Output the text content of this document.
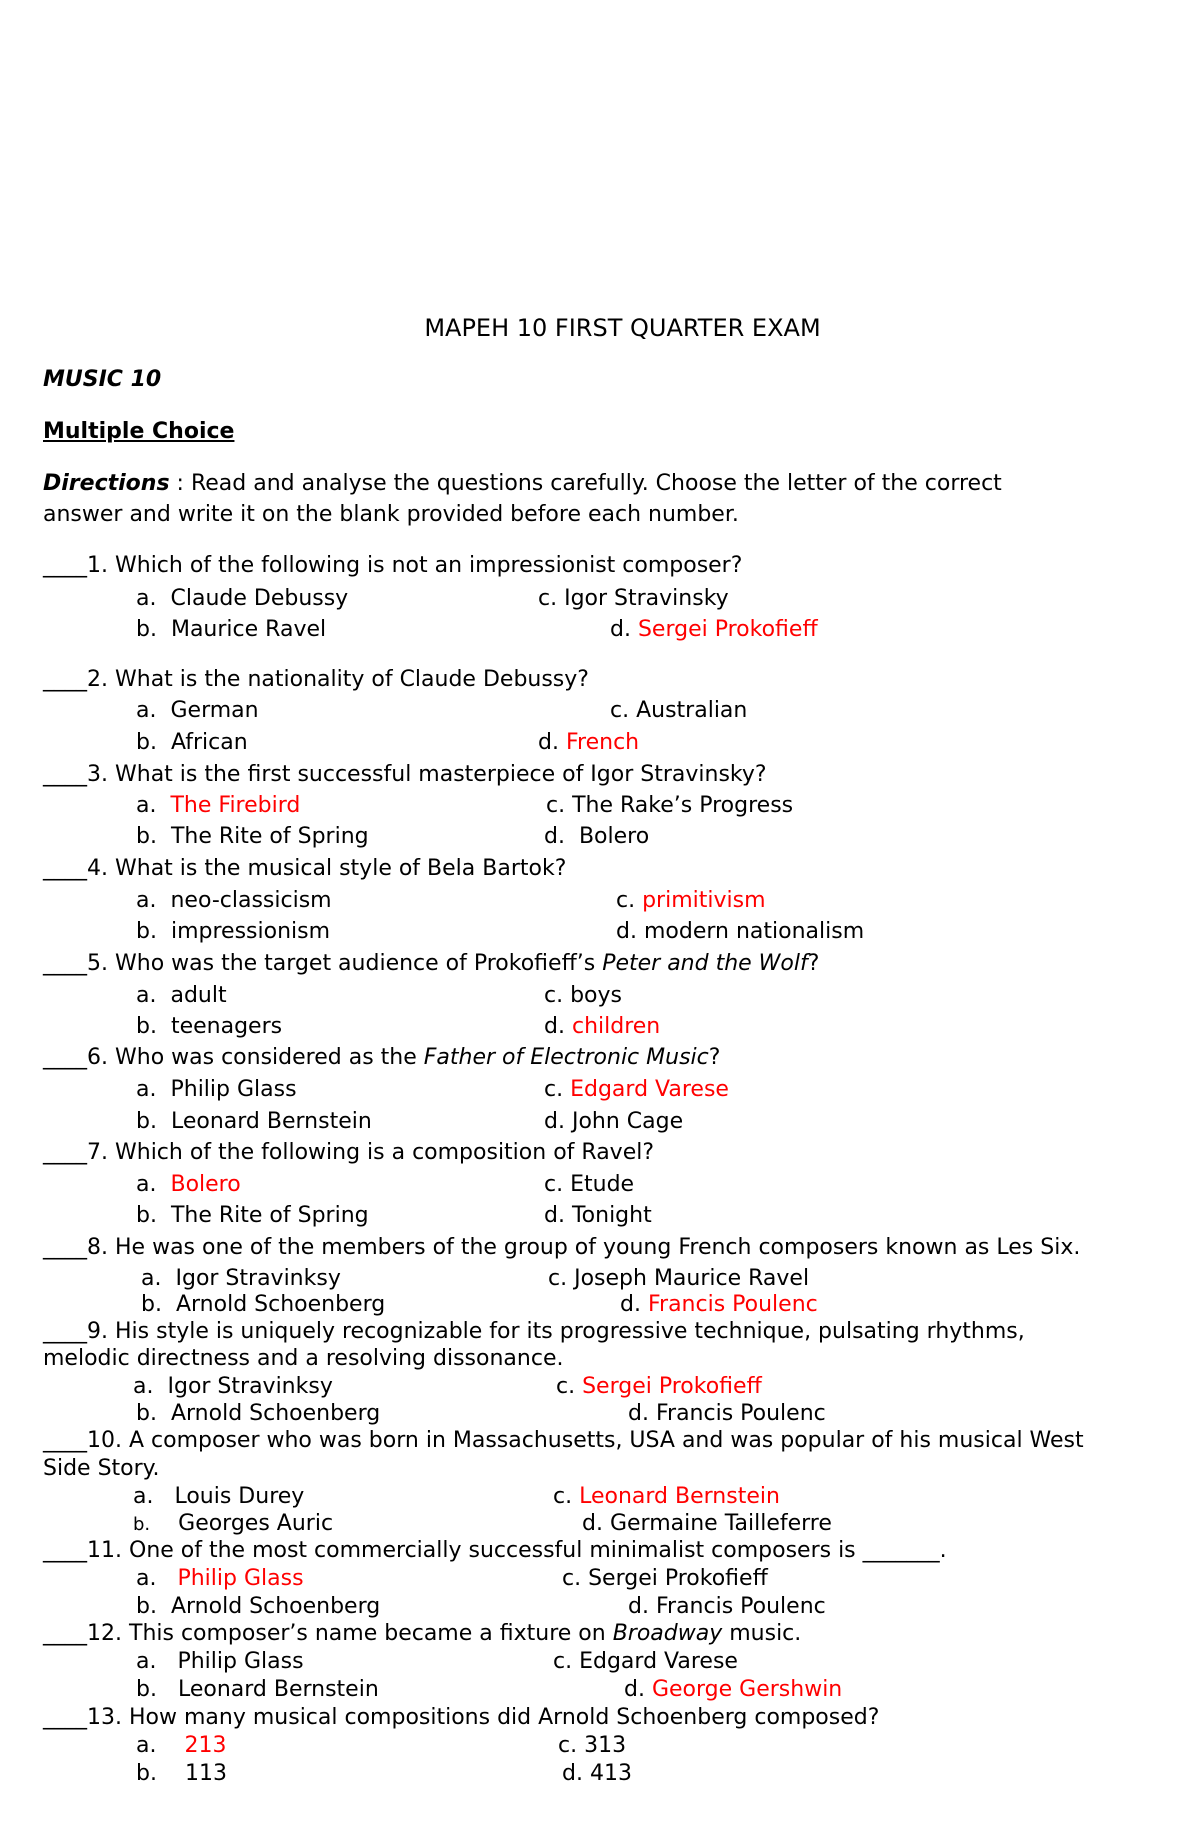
MAPEH 10 FIRST QUARTER EXAM
MUSIC 10
Multiple Choice
Directions : Read and analyse the questions carefully. Choose the letter of the correct
answer and write it on the blank provided before each number.
____1. Which of the following is not an impressionist composer?
a. Claude Debussy	c. Igor Stravinsky
b. Maurice Ravel	d. Sergei Prokofieff
____2. What is the nationality of Claude Debussy?
a. German	c. Australian
b. African	d. French
____3. What is the first successful masterpiece of Igor Stravinsky?
a. The Firebird	c. The Rake’s Progress
b. The Rite of Spring	d. Bolero
____4. What is the musical style of Bela Bartok?
a. neo-classicism	c. primitivism
b. impressionism	d. modern nationalism
____5. Who was the target audience of Prokofieff’s Peter and the Wolf?
a. adult	c. boys
b. teenagers	d. children
____6. Who was considered as the Father of Electronic Music?
a. Philip Glass	c. Edgard Varese
b. Leonard Bernstein	d. John Cage
____7. Which of the following is a composition of Ravel?
a. Bolero	c. Etude
b. The Rite of Spring	d. Tonight
____8. He was one of the members of the group of young French composers known as Les Six.
a. Igor Stravinksy	c. Joseph Maurice Ravel
b. Arnold Schoenberg	d. Francis Poulenc
____9. His style is uniquely recognizable for its progressive technique, pulsating rhythms,
melodic directness and a resolving dissonance.
a. Igor Stravinksy	c. Sergei Prokofieff
b. Arnold Schoenberg	d. Francis Poulenc
____10. A composer who was born in Massachusetts, USA and was popular of his musical West
Side Story.
a. Louis Durey	c. Leonard Bernstein
b. Georges Auric	d. Germaine Tailleferre
____11. One of the most commercially successful minimalist composers is _______.
a. Philip Glass	c. Sergei Prokofieff
b. Arnold Schoenberg	d. Francis Poulenc
____12. This composer’s name became a fixture on Broadway music.
a. Philip Glass	c. Edgard Varese
b. Leonard Bernstein	d. George Gershwin
____13. How many musical compositions did Arnold Schoenberg composed?
a. 213	c. 313
b. 113	d. 413
